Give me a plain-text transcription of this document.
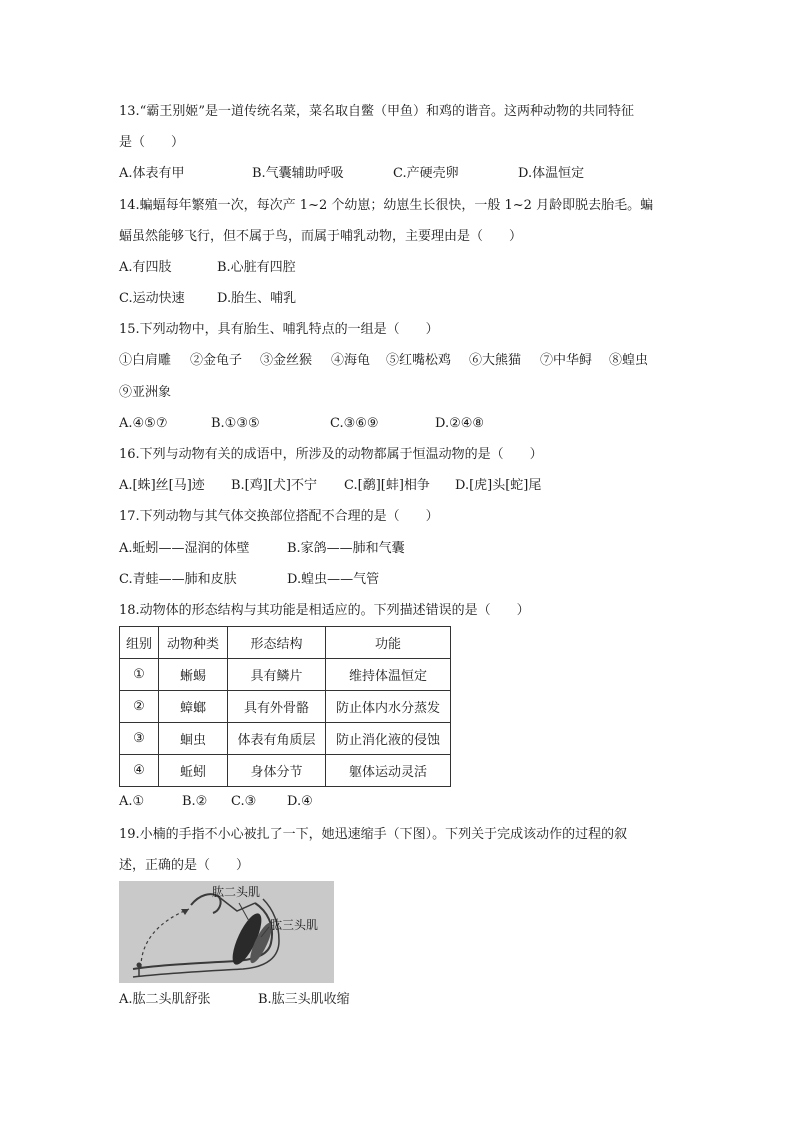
13.“霸王别姬”是一道传统名菜，菜名取自鳖（甲鱼）和鸡的谐音。这两种动物的共同特征
是（　　）
A.体表有甲	B.气囊辅助呼吸	C.产硬壳卵	D.体温恒定
14.蝙蝠每年繁殖一次，每次产 1~2 个幼崽；幼崽生长很快，一般 1~2 月龄即脱去胎毛。蝙
蝠虽然能够飞行，但不属于鸟，而属于哺乳动物，主要理由是（　　）
A.有四肢	B.心脏有四腔
C.运动快速 D.胎生、哺乳
15.下列动物中，具有胎生、哺乳特点的一组是（　　）
①白肩雕 ②金龟子 ③金丝猴 ④海龟 ⑤红嘴松鸡 ⑥大熊猫 ⑦中华鲟 ⑧蝗虫
⑨亚洲象
A.④⑤⑦	B.①③⑤	C.③⑥⑨	D.②④⑧
16.下列与动物有关的成语中，所涉及的动物都属于恒温动物的是（　　）
A.[蛛]丝[马]迹 B.[鸡][犬]不宁 C.[鹬][蚌]相争 D.[虎]头[蛇]尾
17.下列动物与其气体交换部位搭配不合理的是（　　）
A.蚯蚓——湿润的体壁	B.家鸽——肺和气囊
C.青蛙——肺和皮肤	D.蝗虫——气管
18.动物体的形态结构与其功能是相适应的。下列描述错误的是（　　）
组别	动物种类	形态结构	功能
①	蜥蜴	具有鳞片	维持体温恒定
②	蟑螂	具有外骨骼	防止体内水分蒸发
③	蛔虫	体表有角质层	防止消化液的侵蚀
④	蚯蚓	身体分节	躯体运动灵活
A.①	B.② C.③ D.④
19.小楠的手指不小心被扎了一下，她迅速缩手（下图）。下列关于完成该动作的过程的叙
述，正确的是（　　）
肱二头肌
肱三头肌
A.肱二头肌舒张	B.肱三头肌收缩
